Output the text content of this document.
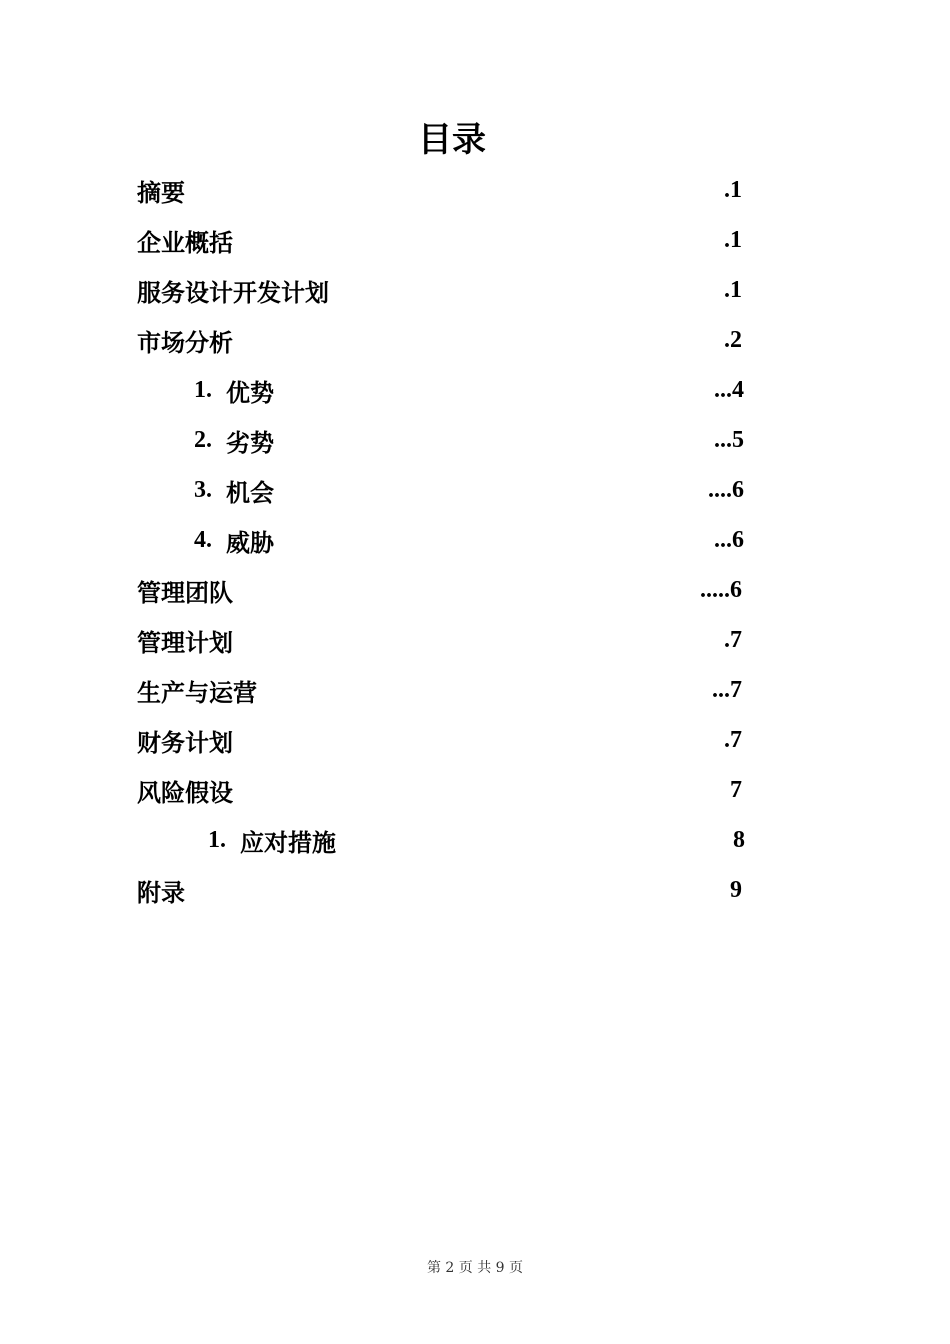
目录
摘要	.1
企业概括	.1
服务设计开发计划	.1
市场分析	.2
1. 优势	...4
2. 劣势	...5
3. 机会	....6
4. 威胁	...6
管理团队	.....6
管理计划	.7
生产与运营	...7
财务计划	.7
风险假设	7
1. 应对措施	8
附录	9
第 2 页 共 9 页
